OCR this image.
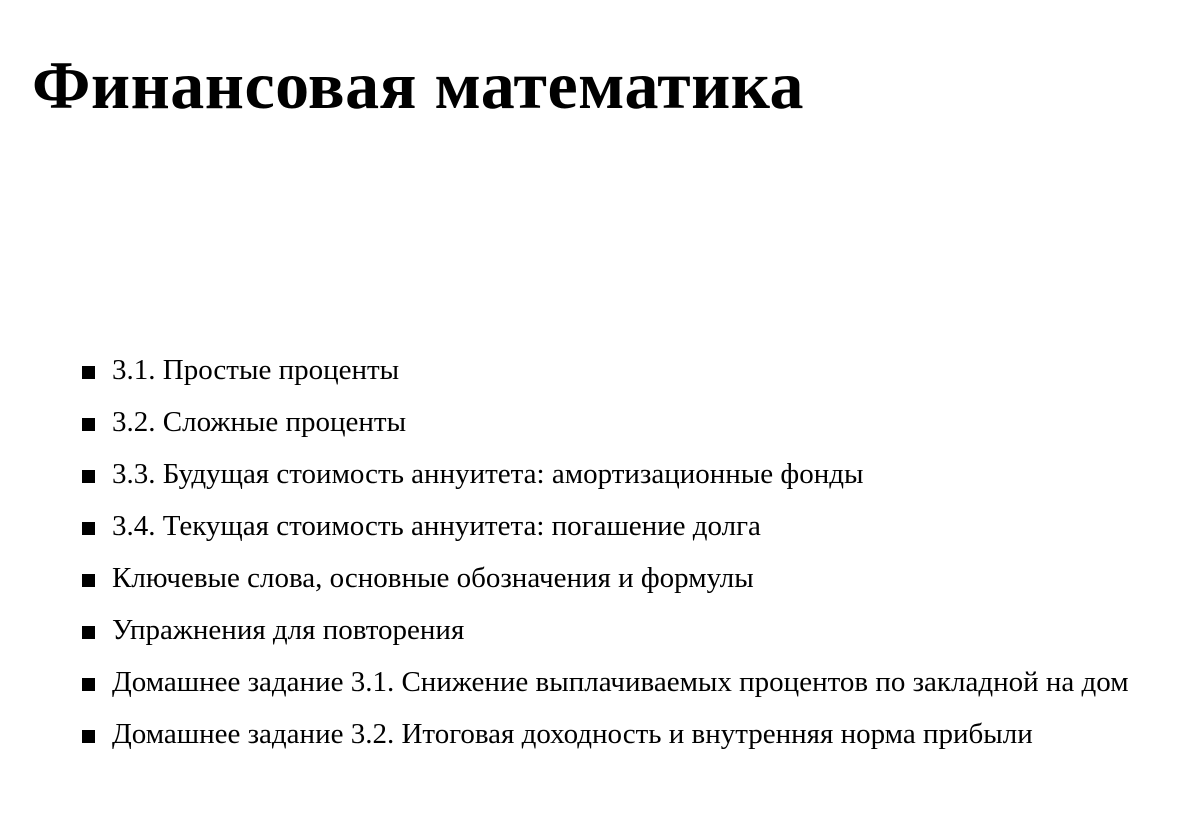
Финансовая математика
3.1. Простые проценты
3.2. Сложные проценты
3.3. Будущая стоимость аннуитета: амортизационные фонды
3.4. Текущая стоимость аннуитета: погашение долга
Ключевые слова, основные обозначения и формулы
Упражнения для повторения
Домашнее задание 3.1. Снижение выплачиваемых процентов по закладной на дом
Домашнее задание 3.2. Итоговая доходность и внутренняя норма прибыли
